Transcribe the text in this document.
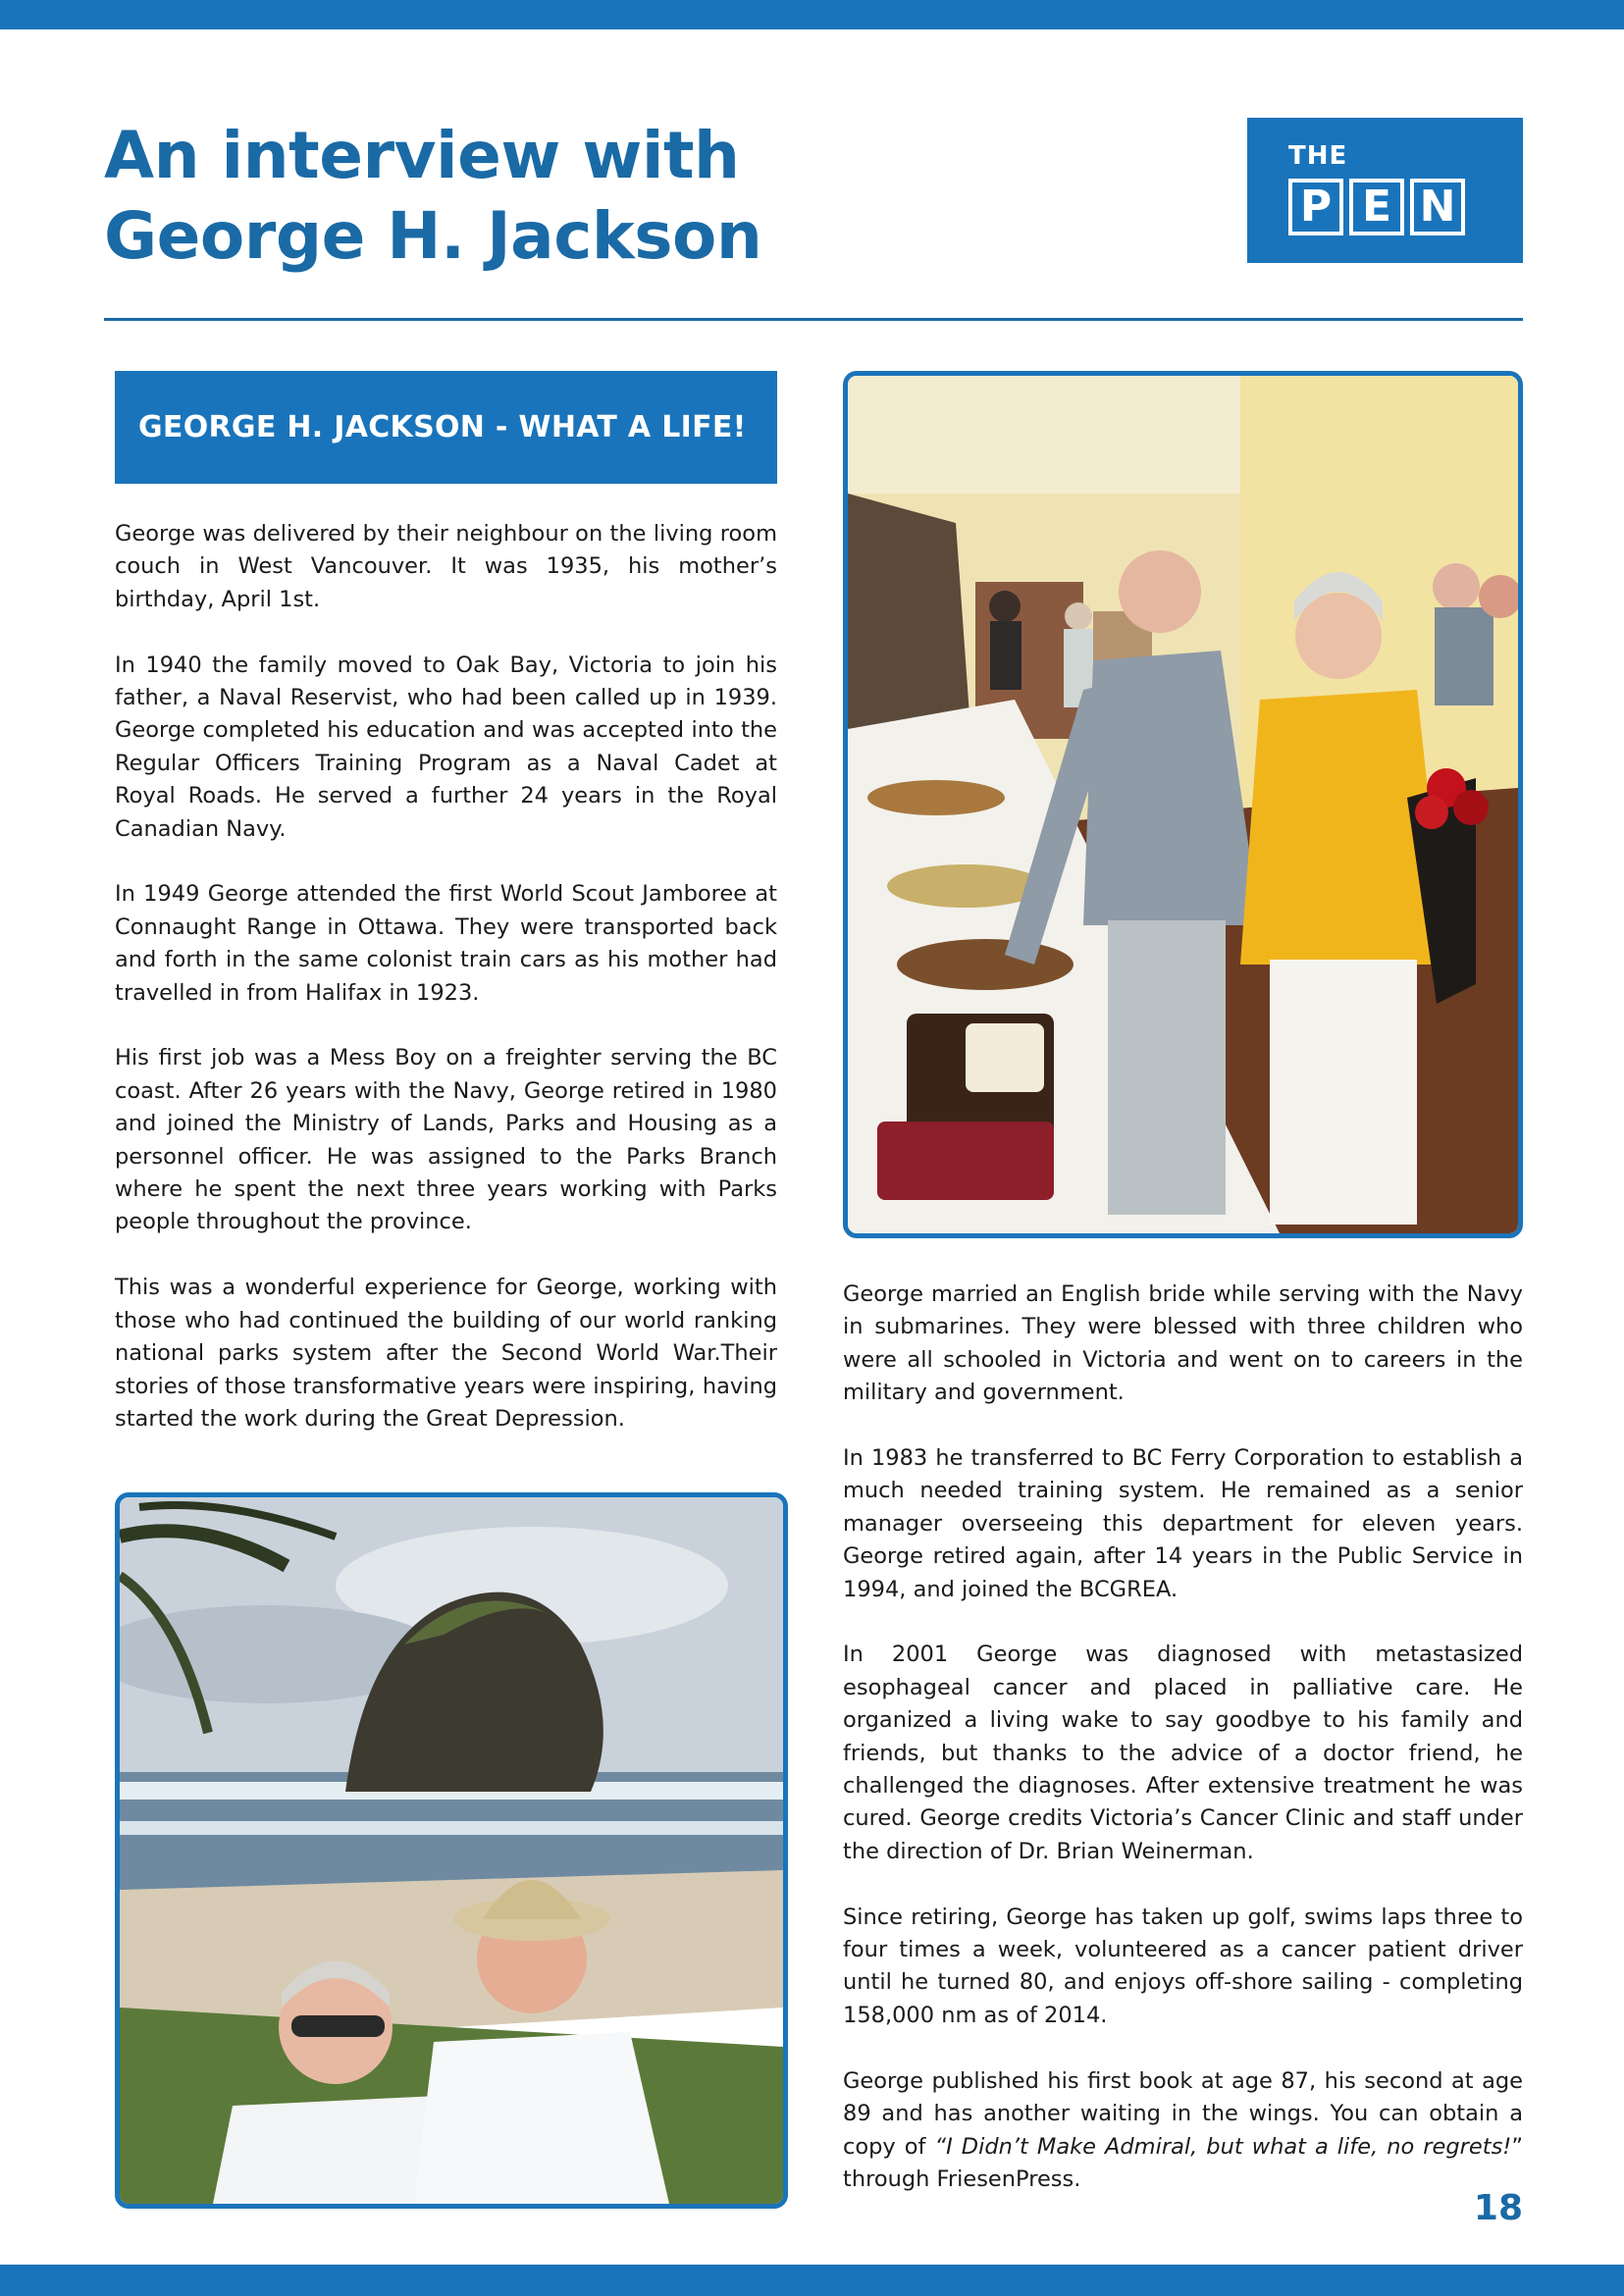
An interview with
George H. Jackson
THE
P E N
GEORGE H. JACKSON - WHAT A LIFE!

George was delivered by their neighbour on the living room couch in West Vancouver. It was 1935, his mother’s birthday, April 1st.

In 1940 the family moved to Oak Bay, Victoria to join his father, a Naval Reservist, who had been called up in 1939. George completed his education and was accepted into the Regular Officers Training Program as a Naval Cadet at Royal Roads. He served a further 24 years in the Royal Canadian Navy.

In 1949 George attended the first World Scout Jamboree at Connaught Range in Ottawa. They were transported back and forth in the same colonist train cars as his mother had travelled in from Halifax in 1923.

His first job was a Mess Boy on a freighter serving the BC coast. After 26 years with the Navy, George retired in 1980 and joined the Ministry of Lands, Parks and Housing as a personnel officer. He was assigned to the Parks Branch where he spent the next three years working with Parks people throughout the province.

This was a wonderful experience for George, working with those who had continued the building of our world ranking national parks system after the Second World War.Their stories of those transformative years were inspiring, having started the work during the Great Depression.

George married an English bride while serving with the Navy in submarines. They were blessed with three children who were all schooled in Victoria and went on to careers in the military and government.

In 1983 he transferred to BC Ferry Corporation to establish a much needed training system. He remained as a senior manager overseeing this department for eleven years. George retired again, after 14 years in the Public Service in 1994, and joined the BCGREA.

In 2001 George was diagnosed with metastasized esophageal cancer and placed in palliative care. He organized a living wake to say goodbye to his family and friends, but thanks to the advice of a doctor friend, he challenged the diagnoses. After extensive treatment he was cured. George credits Victoria’s Cancer Clinic and staff under the direction of Dr. Brian Weinerman.

Since retiring, George has taken up golf, swims laps three to four times a week, volunteered as a cancer patient driver until he turned 80, and enjoys off-shore sailing - completing 158,000 nm as of 2014.

George published his first book at age 87, his second at age 89 and has another waiting in the wings. You can obtain a copy of “I Didn’t Make Admiral, but what a life, no regrets!” through FriesenPress.

18
